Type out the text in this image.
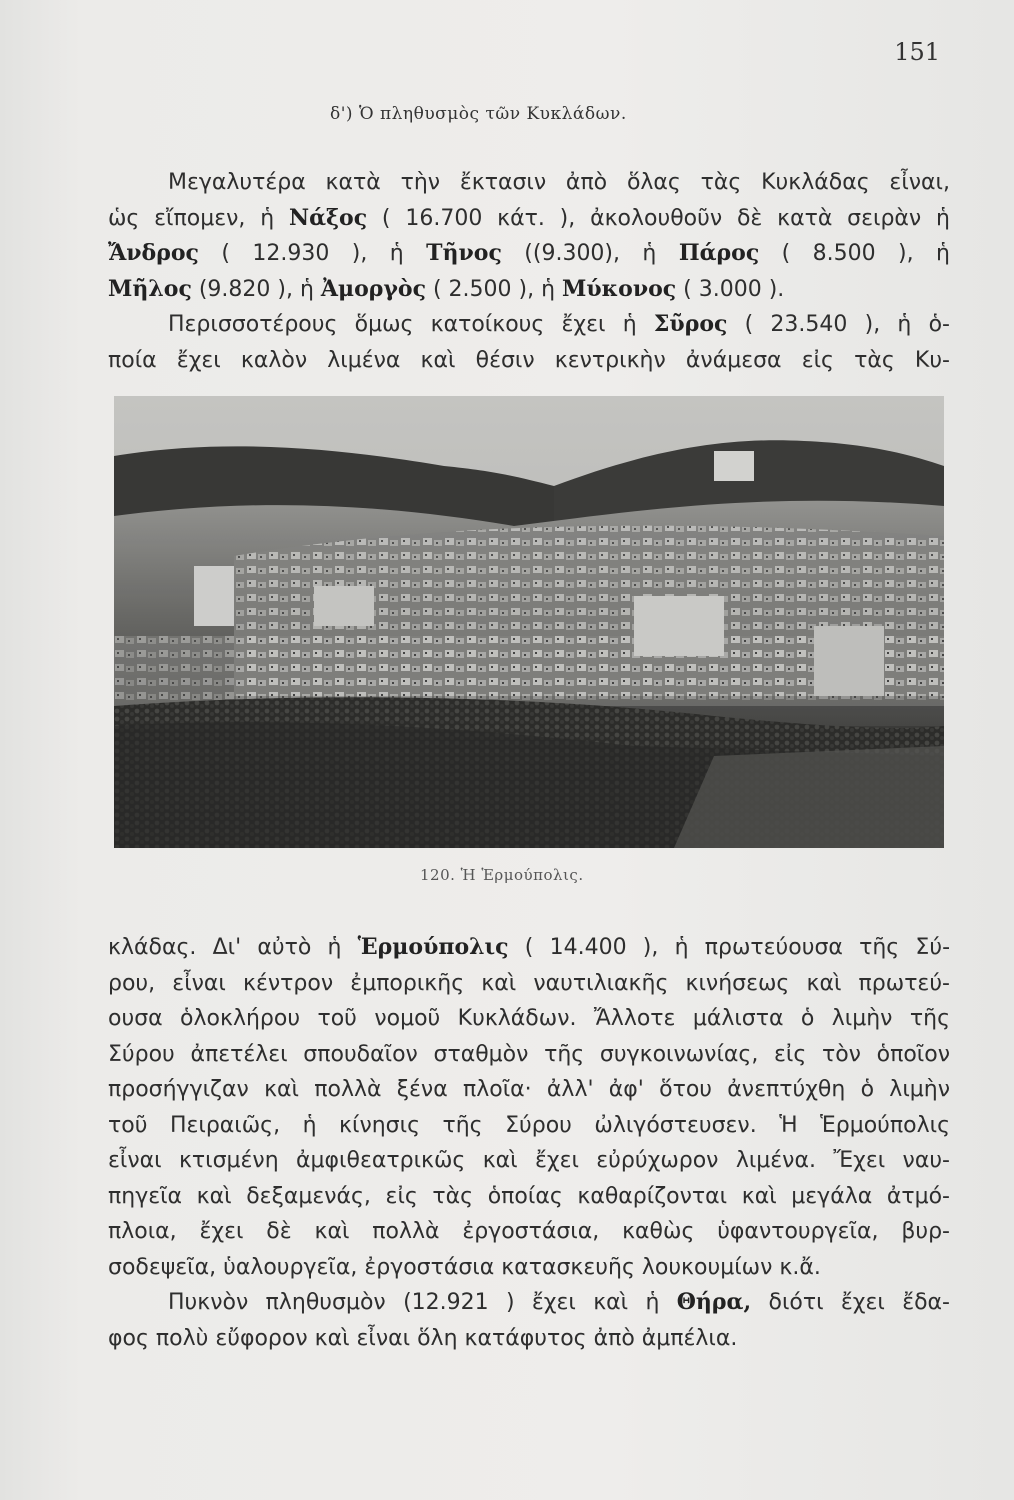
151
δ') Ὁ πληθυσμὸς τῶν Κυκλάδων.
Μεγαλυτέρα κατὰ τὴν ἔκτασιν ἀπὸ ὅλας τὰς Κυκλάδας εἶναι,
ὡς εἴπομεν, ἡ Νάξος ( 16.700 κάτ. ), ἀκολουθοῦν δὲ κατὰ σειρὰν ἡ
Ἄνδρος ( 12.930 ), ἡ Τῆνος ((9.300), ἡ Πάρος ( 8.500 ), ἡ
Μῆλος (9.820 ), ἡ Ἀμοργὸς ( 2.500 ), ἡ Μύκονος ( 3.000 ).
Περισσοτέρους ὅμως κατοίκους ἔχει ἡ Σῦρος ( 23.540 ), ἡ ὁ-
ποία ἔχει καλὸν λιμένα καὶ θέσιν κεντρικὴν ἀνάμεσα εἰς τὰς Κυ-
120. Ἡ Ἑρμούπολις.
κλάδας. Δι' αὐτὸ ἡ Ἑρμούπολις ( 14.400 ), ἡ πρωτεύουσα τῆς Σύ-
ρου, εἶναι κέντρον ἐμπορικῆς καὶ ναυτιλιακῆς κινήσεως καὶ πρωτεύ-
ουσα ὁλοκλήρου τοῦ νομοῦ Κυκλάδων. Ἄλλοτε μάλιστα ὁ λιμὴν τῆς
Σύρου ἀπετέλει σπουδαῖον σταθμὸν τῆς συγκοινωνίας, εἰς τὸν ὁποῖον
προσήγγιζαν καὶ πολλὰ ξένα πλοῖα· ἀλλ' ἀφ' ὅτου ἀνεπτύχθη ὁ λιμὴν
τοῦ Πειραιῶς, ἡ κίνησις τῆς Σύρου ὠλιγόστευσεν. Ἡ Ἑρμούπολις
εἶναι κτισμένη ἀμφιθεατρικῶς καὶ ἔχει εὐρύχωρον λιμένα. Ἔχει ναυ-
πηγεῖα καὶ δεξαμενάς, εἰς τὰς ὁποίας καθαρίζονται καὶ μεγάλα ἀτμό-
πλοια, ἔχει δὲ καὶ πολλὰ ἐργοστάσια, καθὼς ὑφαντουργεῖα, βυρ-
σοδεψεῖα, ὑαλουργεῖα, ἐργοστάσια κατασκευῆς λουκουμίων κ.ἄ.
Πυκνὸν πληθυσμὸν (12.921 ) ἔχει καὶ ἡ Θήρα, διότι ἔχει ἔδα-
φος πολὺ εὔφορον καὶ εἶναι ὅλη κατάφυτος ἀπὸ ἀμπέλια.
